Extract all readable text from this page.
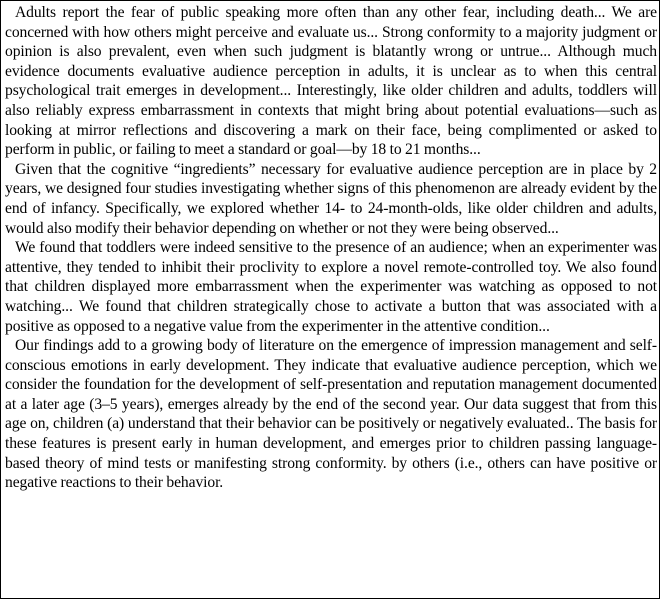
Adults report the fear of public speaking more often than any other fear, including death... We are concerned with how others might perceive and evaluate us... Strong conformity to a majority judgment or opinion is also prevalent, even when such judgment is blatantly wrong or untrue... Although much evidence documents evaluative audience perception in adults, it is unclear as to when this central psychological trait emerges in development... Interestingly, like older children and adults, toddlers will also reliably express embarrassment in contexts that might bring about potential evaluations—such as looking at mirror reflections and discovering a mark on their face, being complimented or asked to perform in public, or failing to meet a standard or goal—by 18 to 21 months...

Given that the cognitive “ingredients” necessary for evaluative audience perception are in place by 2 years, we designed four studies investigating whether signs of this phenomenon are already evident by the end of infancy. Specifically, we explored whether 14- to 24-month-olds, like older children and adults, would also modify their behavior depending on whether or not they were being observed...

We found that toddlers were indeed sensitive to the presence of an audience; when an experimenter was attentive, they tended to inhibit their proclivity to explore a novel remote-controlled toy. We also found that children displayed more embarrassment when the experimenter was watching as opposed to not watching... We found that children strategically chose to activate a button that was associated with a positive as opposed to a negative value from the experimenter in the attentive condition...

Our findings add to a growing body of literature on the emergence of impression management and self-conscious emotions in early development. They indicate that evaluative audience perception, which we consider the foundation for the development of self-presentation and reputation management documented at a later age (3–5 years), emerges already by the end of the second year. Our data suggest that from this age on, children (a) understand that their behavior can be positively or negatively evaluated.. The basis for these features is present early in human development, and emerges prior to children passing language-based theory of mind tests or manifesting strong conformity. by others (i.e., others can have positive or negative reactions to their behavior.
